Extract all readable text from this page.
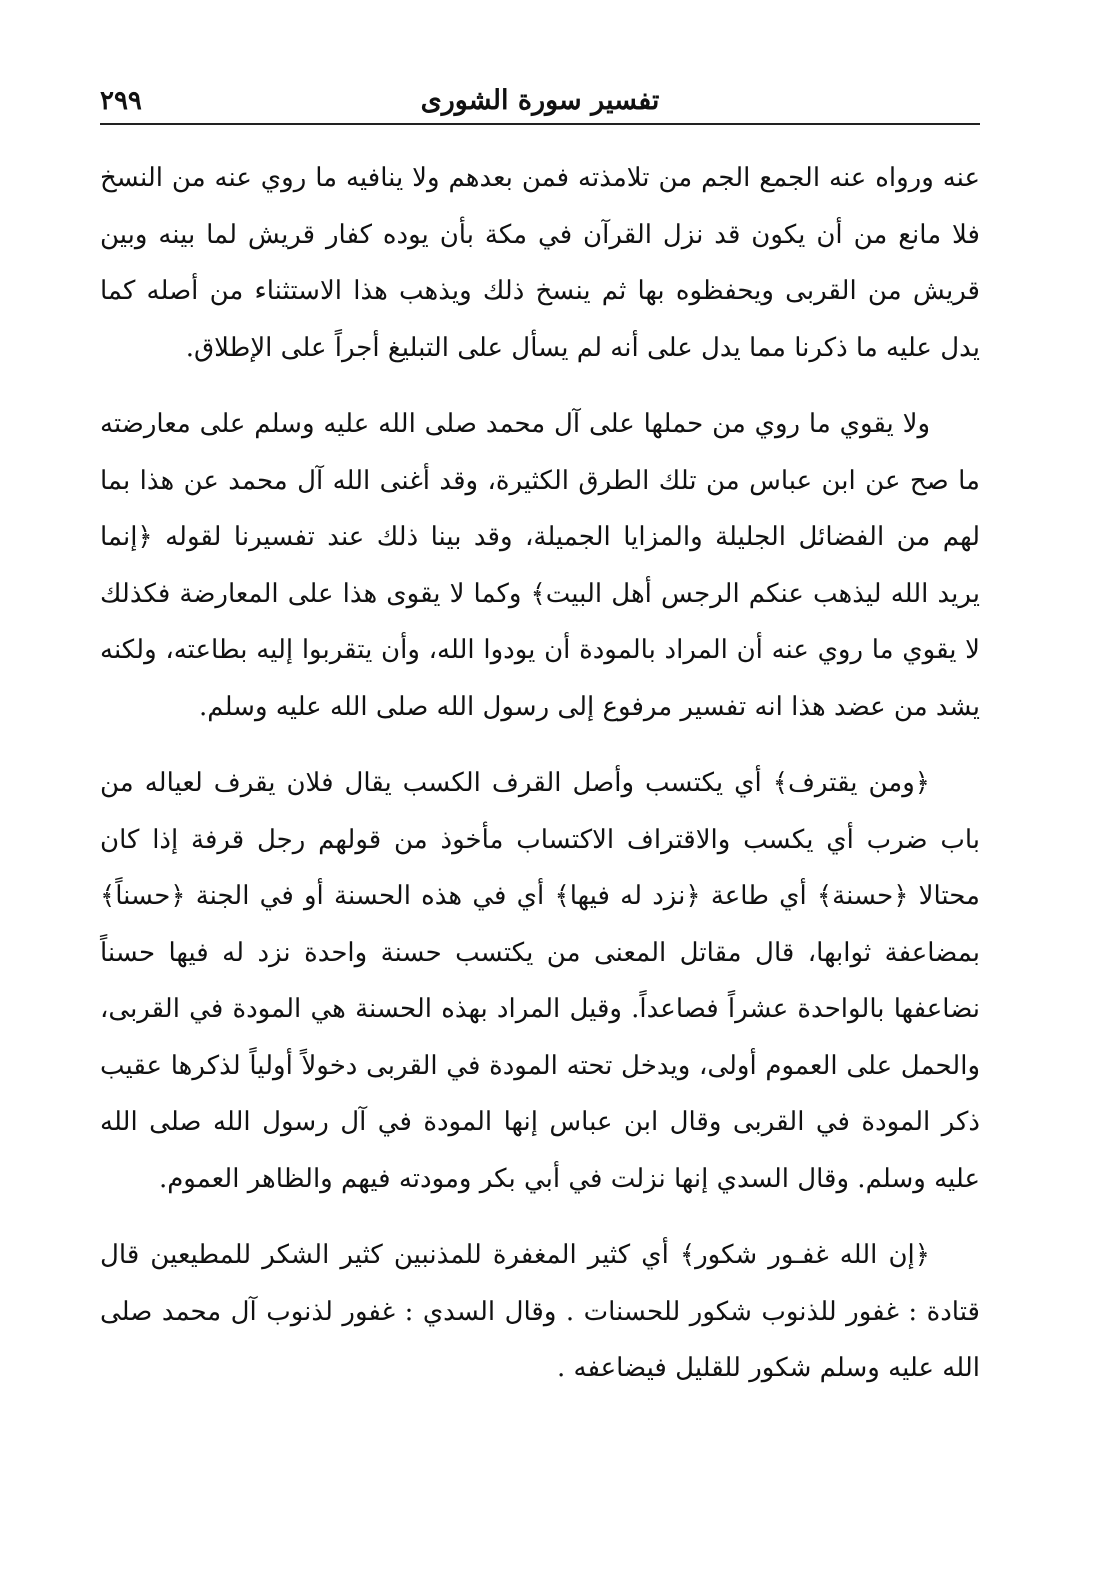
٢٩٩	تفسير سورة الشورى

عنه ورواه عنه الجمع الجم من تلامذته فمن بعدهم ولا ينافيه ما روي عنه من النسخ فلا مانع من أن يكون قد نزل القرآن في مكة بأن يوده كفار قريش لما بينه وبين قريش من القربى ويحفظوه بها ثم ينسخ ذلك ويذهب هذا الاستثناء من أصله كما يدل عليه ما ذكرنا مما يدل على أنه لم يسأل على التبليغ أجراً على الإطلاق.

ولا يقوي ما روي من حملها على آل محمد صلى الله عليه وسلم على معارضته ما صح عن ابن عباس من تلك الطرق الكثيرة، وقد أغنى الله آل محمد عن هذا بما لهم من الفضائل الجليلة والمزايا الجميلة، وقد بينا ذلك عند تفسيرنا لقوله ﴿إنما يريد الله ليذهب عنكم الرجس أهل البيت﴾ وكما لا يقوى هذا على المعارضة فكذلك لا يقوي ما روي عنه أن المراد بالمودة أن يودوا الله، وأن يتقربوا إليه بطاعته، ولكنه يشد من عضد هذا انه تفسير مرفوع إلى رسول الله صلى الله عليه وسلم.

﴿ومن يقترف﴾ أي يكتسب وأصل القرف الكسب يقال فلان يقرف لعياله من باب ضرب أي يكسب والاقتراف الاكتساب مأخوذ من قولهم رجل قرفة إذا كان محتالا ﴿حسنة﴾ أي طاعة ﴿نزد له فيها﴾ أي في هذه الحسنة أو في الجنة ﴿حسناً﴾ بمضاعفة ثوابها، قال مقاتل المعنى من يكتسب حسنة واحدة نزد له فيها حسناً نضاعفها بالواحدة عشراً فصاعداً. وقيل المراد بهذه الحسنة هي المودة في القربى، والحمل على العموم أولى، ويدخل تحته المودة في القربى دخولاً أولياً لذكرها عقيب ذكر المودة في القربى وقال ابن عباس إنها المودة في آل رسول الله صلى الله عليه وسلم. وقال السدي إنها نزلت في أبي بكر ومودته فيهم والظاهر العموم.

﴿إن الله غفـور شكور﴾ أي كثير المغفرة للمذنبين كثير الشكر للمطيعين قال قتادة : غفور للذنوب شكور للحسنات . وقال السدي : غفور لذنوب آل محمد صلى الله عليه وسلم شكور للقليل فيضاعفه .
